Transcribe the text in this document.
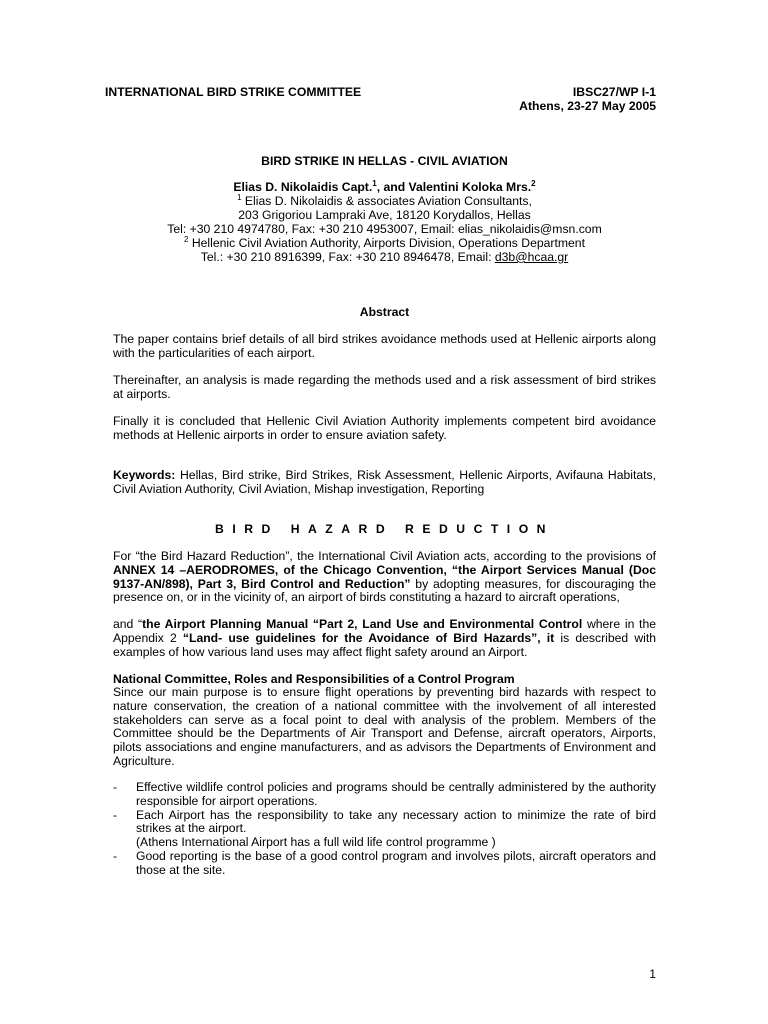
INTERNATIONAL BIRD STRIKE COMMITTEE	IBSC27/WP I-1
Athens, 23-27 May 2005
BIRD STRIKE IN HELLAS - CIVIL AVIATION
Elias D. Nikolaidis Capt.$^1$, and Valentini Koloka Mrs.$^2$
$^1$ Elias D. Nikolaidis & associates Aviation Consultants,
203 Grigoriou Lampraki Ave, 18120 Korydallos, Hellas
Tel: +30 210 4974780, Fax: +30 210 4953007, Email: elias_nikolaidis@msn.com
$^2$ Hellenic Civil Aviation Authority, Airports Division, Operations Department
Tel.: +30 210 8916399, Fax: +30 210 8946478, Email: d3b@hcaa.gr
Abstract
The paper contains brief details of all bird strikes avoidance methods used at Hellenic airports along with the particularities of each airport.
Thereinafter, an analysis is made regarding the methods used and a risk assessment of bird strikes at airports.
Finally it is concluded that Hellenic Civil Aviation Authority implements competent bird avoidance methods at Hellenic airports in order to ensure aviation safety.
Keywords: Hellas, Bird strike, Bird Strikes, Risk Assessment, Hellenic Airports, Avifauna Habitats, Civil Aviation Authority, Civil Aviation, Mishap investigation, Reporting
BIRD HAZARD REDUCTION
For “the Bird Hazard Reduction”, the International Civil Aviation acts, according to the provisions of ANNEX 14 –AERODROMES, of the Chicago Convention, “the Airport Services Manual (Doc 9137-AN/898), Part 3, Bird Control and Reduction” by adopting measures, for discouraging the presence on, or in the vicinity of, an airport of birds constituting a hazard to aircraft operations,
and “the Airport Planning Manual “Part 2, Land Use and Environmental Control where in the Appendix 2 “Land- use guidelines for the Avoidance of Bird Hazards”, it is described with examples of how various land uses may affect flight safety around an Airport.
National Committee, Roles and Responsibilities of a Control Program
Since our main purpose is to ensure flight operations by preventing bird hazards with respect to nature conservation, the creation of a national committee with the involvement of all interested stakeholders can serve as a focal point to deal with analysis of the problem. Members of the Committee should be the Departments of Air Transport and Defense, aircraft operators, Airports, pilots associations and engine manufacturers, and as advisors the Departments of Environment and Agriculture.
- Effective wildlife control policies and programs should be centrally administered by the authority responsible for airport operations.
- Each Airport has the responsibility to take any necessary action to minimize the rate of bird strikes at the airport.
(Athens International Airport has a full wild life control programme )
- Good reporting is the base of a good control program and involves pilots, aircraft operators and those at the site.
1
